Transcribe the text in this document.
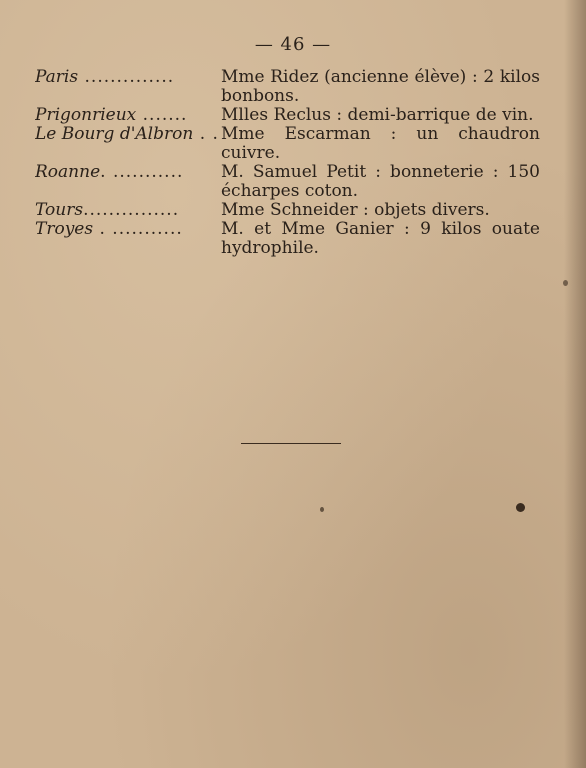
— 46 —
Paris ..............	Mme Ridez (ancienne élève) : 2 kilos bonbons.
Prigonrieux .......	Mlles Reclus : demi-barrique de vin.
Le Bourg d'Albron . . Mme Escarman : un chaudron cuivre.
Roanne. ...........	M. Samuel Petit : bonneterie : 150 écharpes coton.
Tours...............	Mme Schneider : objets divers.
Troyes . ...........	M. et Mme Ganier : 9 kilos ouate hydrophile.
